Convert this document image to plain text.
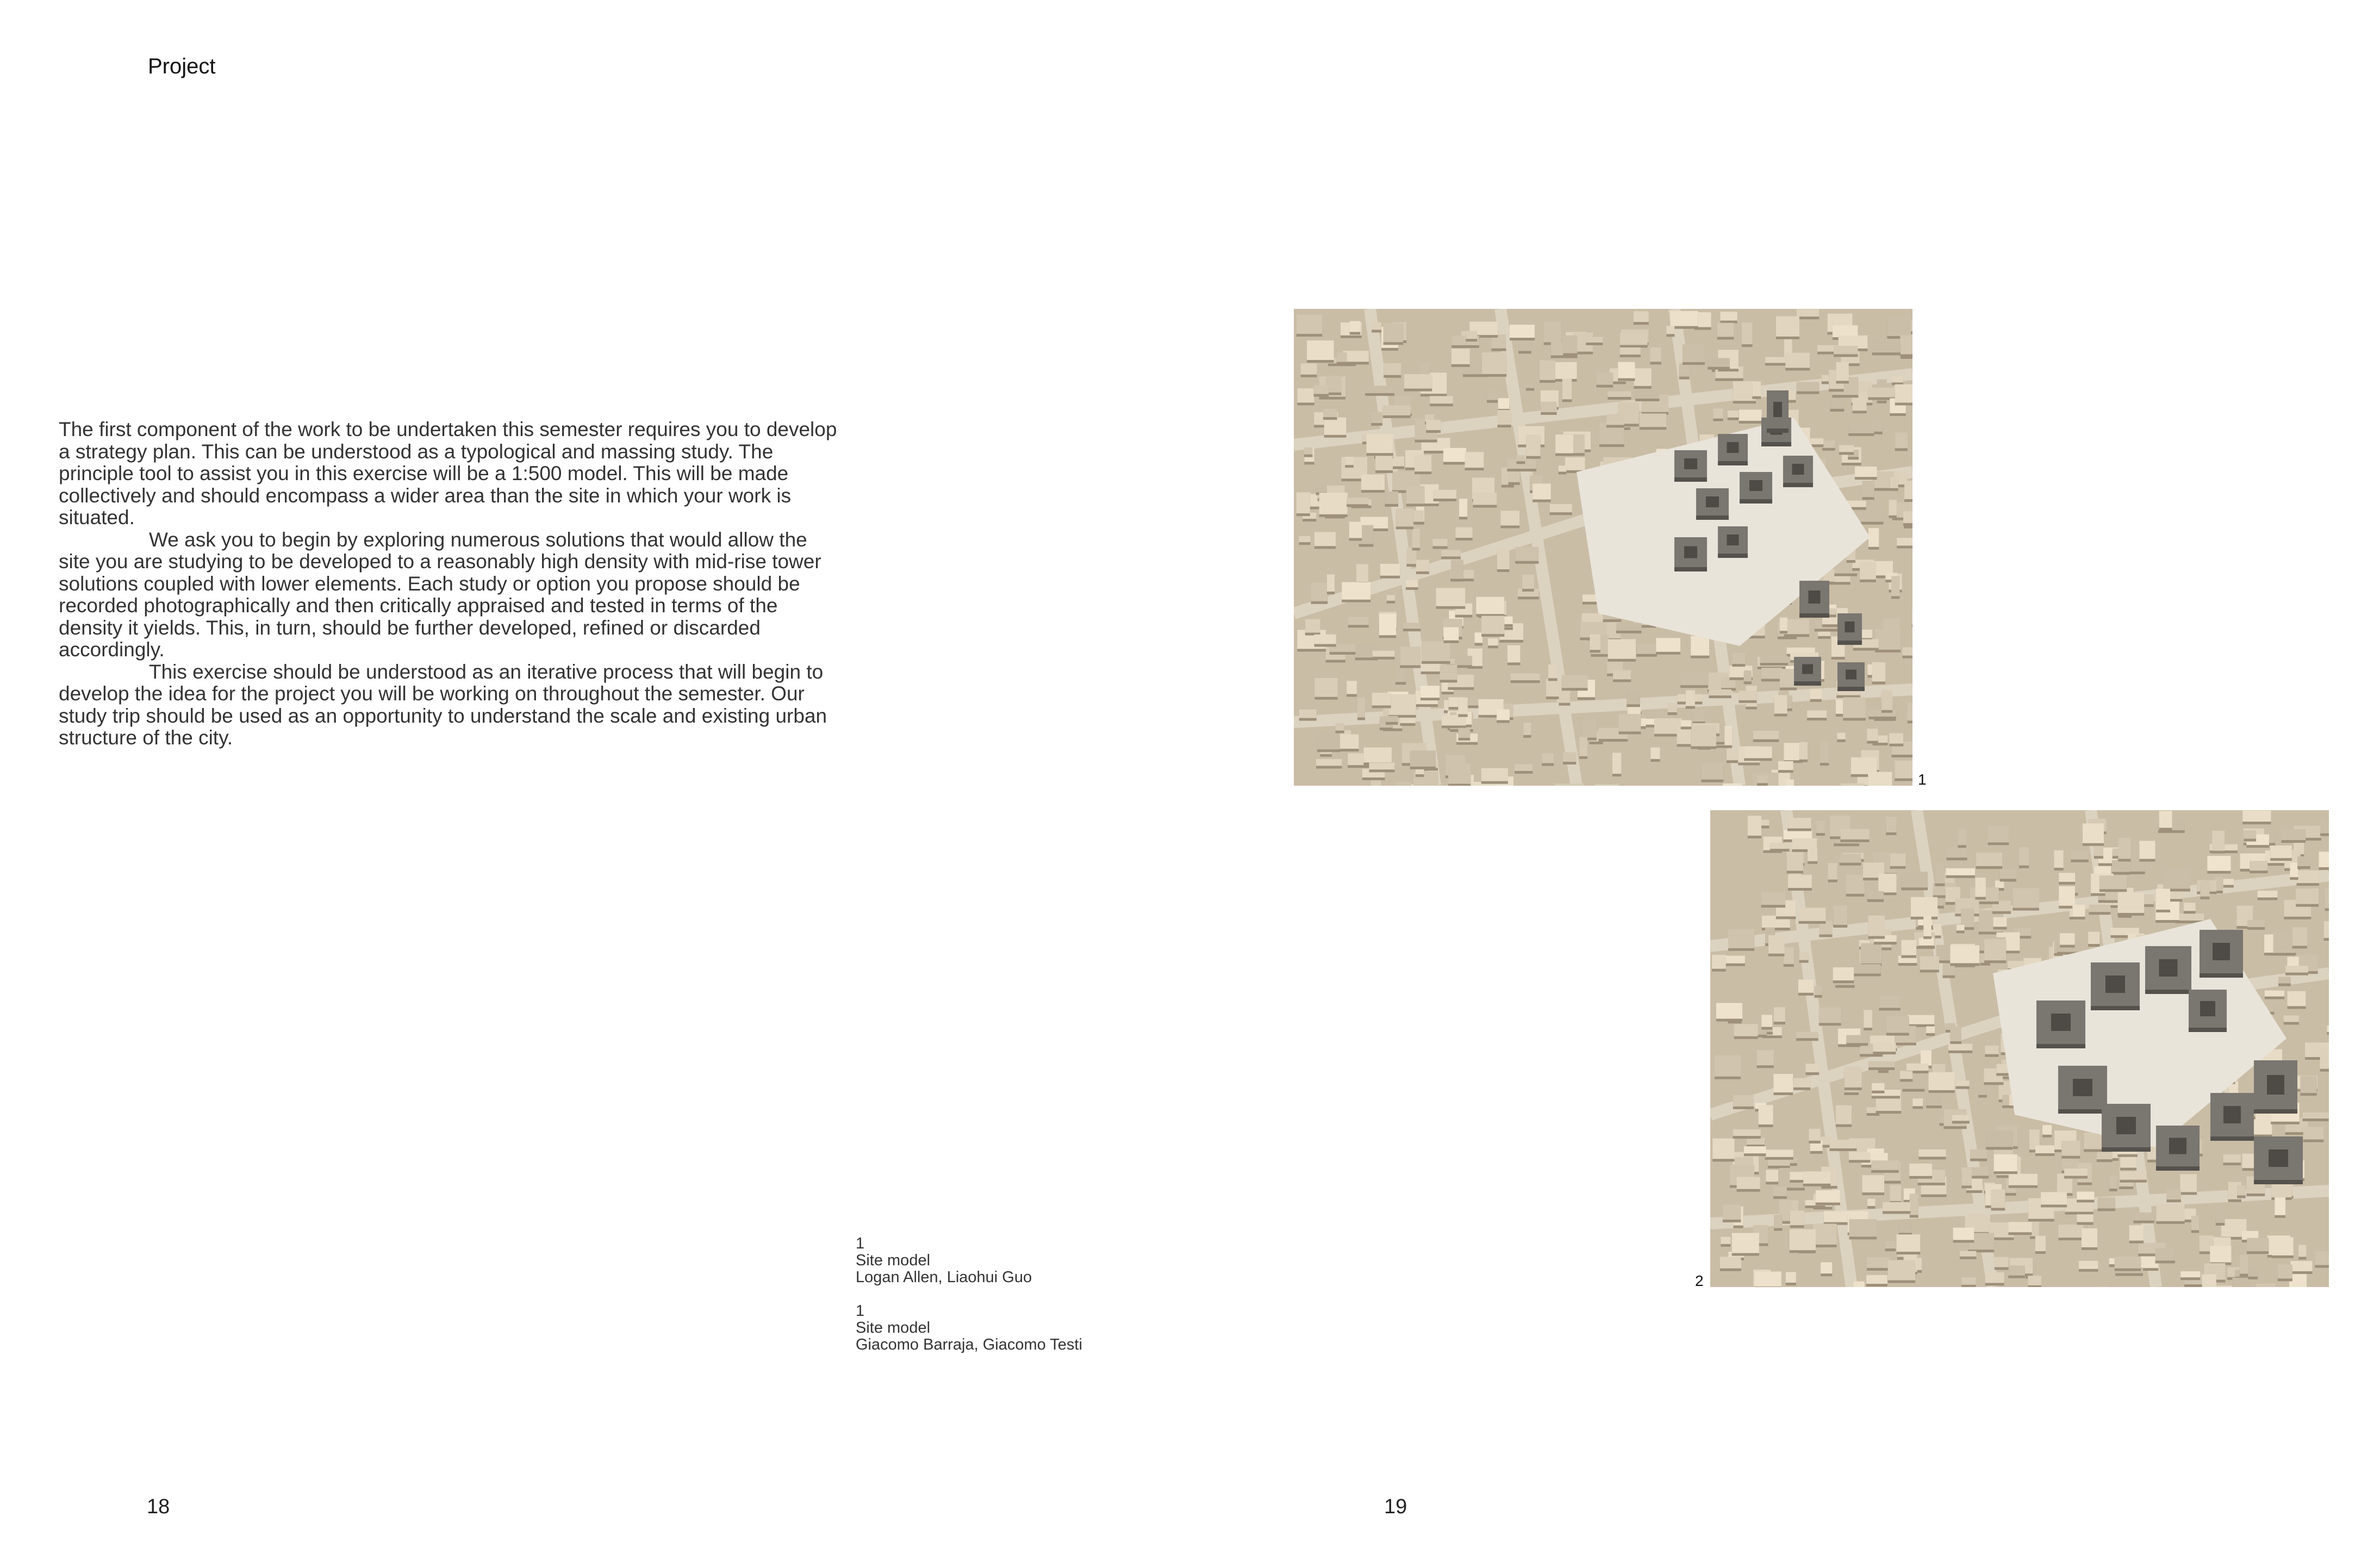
Project

The first component of the work to be undertaken this semester requires you to develop a strategy plan. This can be understood as a typological and massing study. The principle tool to assist you in this exercise will be a 1:500 model. This will be made collectively and should encompass a wider area than the site in which your work is situated.

We ask you to begin by exploring numerous solutions that would allow the site you are studying to be developed to a reasonably high density with mid-rise tower solutions coupled with lower elements. Each study or option you propose should be recorded photographically and then critically appraised and tested in terms of the density it yields. This, in turn, should be further developed, refined or discarded accordingly.

This exercise should be understood as an iterative process that will begin to develop the idea for the project you will be working on throughout the semester. Our study trip should be used as an opportunity to understand the scale and existing urban structure of the city.

1
2
1
Site model
Logan Allen, Liaohui Guo
1
Site model
Giacomo Barraja, Giacomo Testi
18	19
